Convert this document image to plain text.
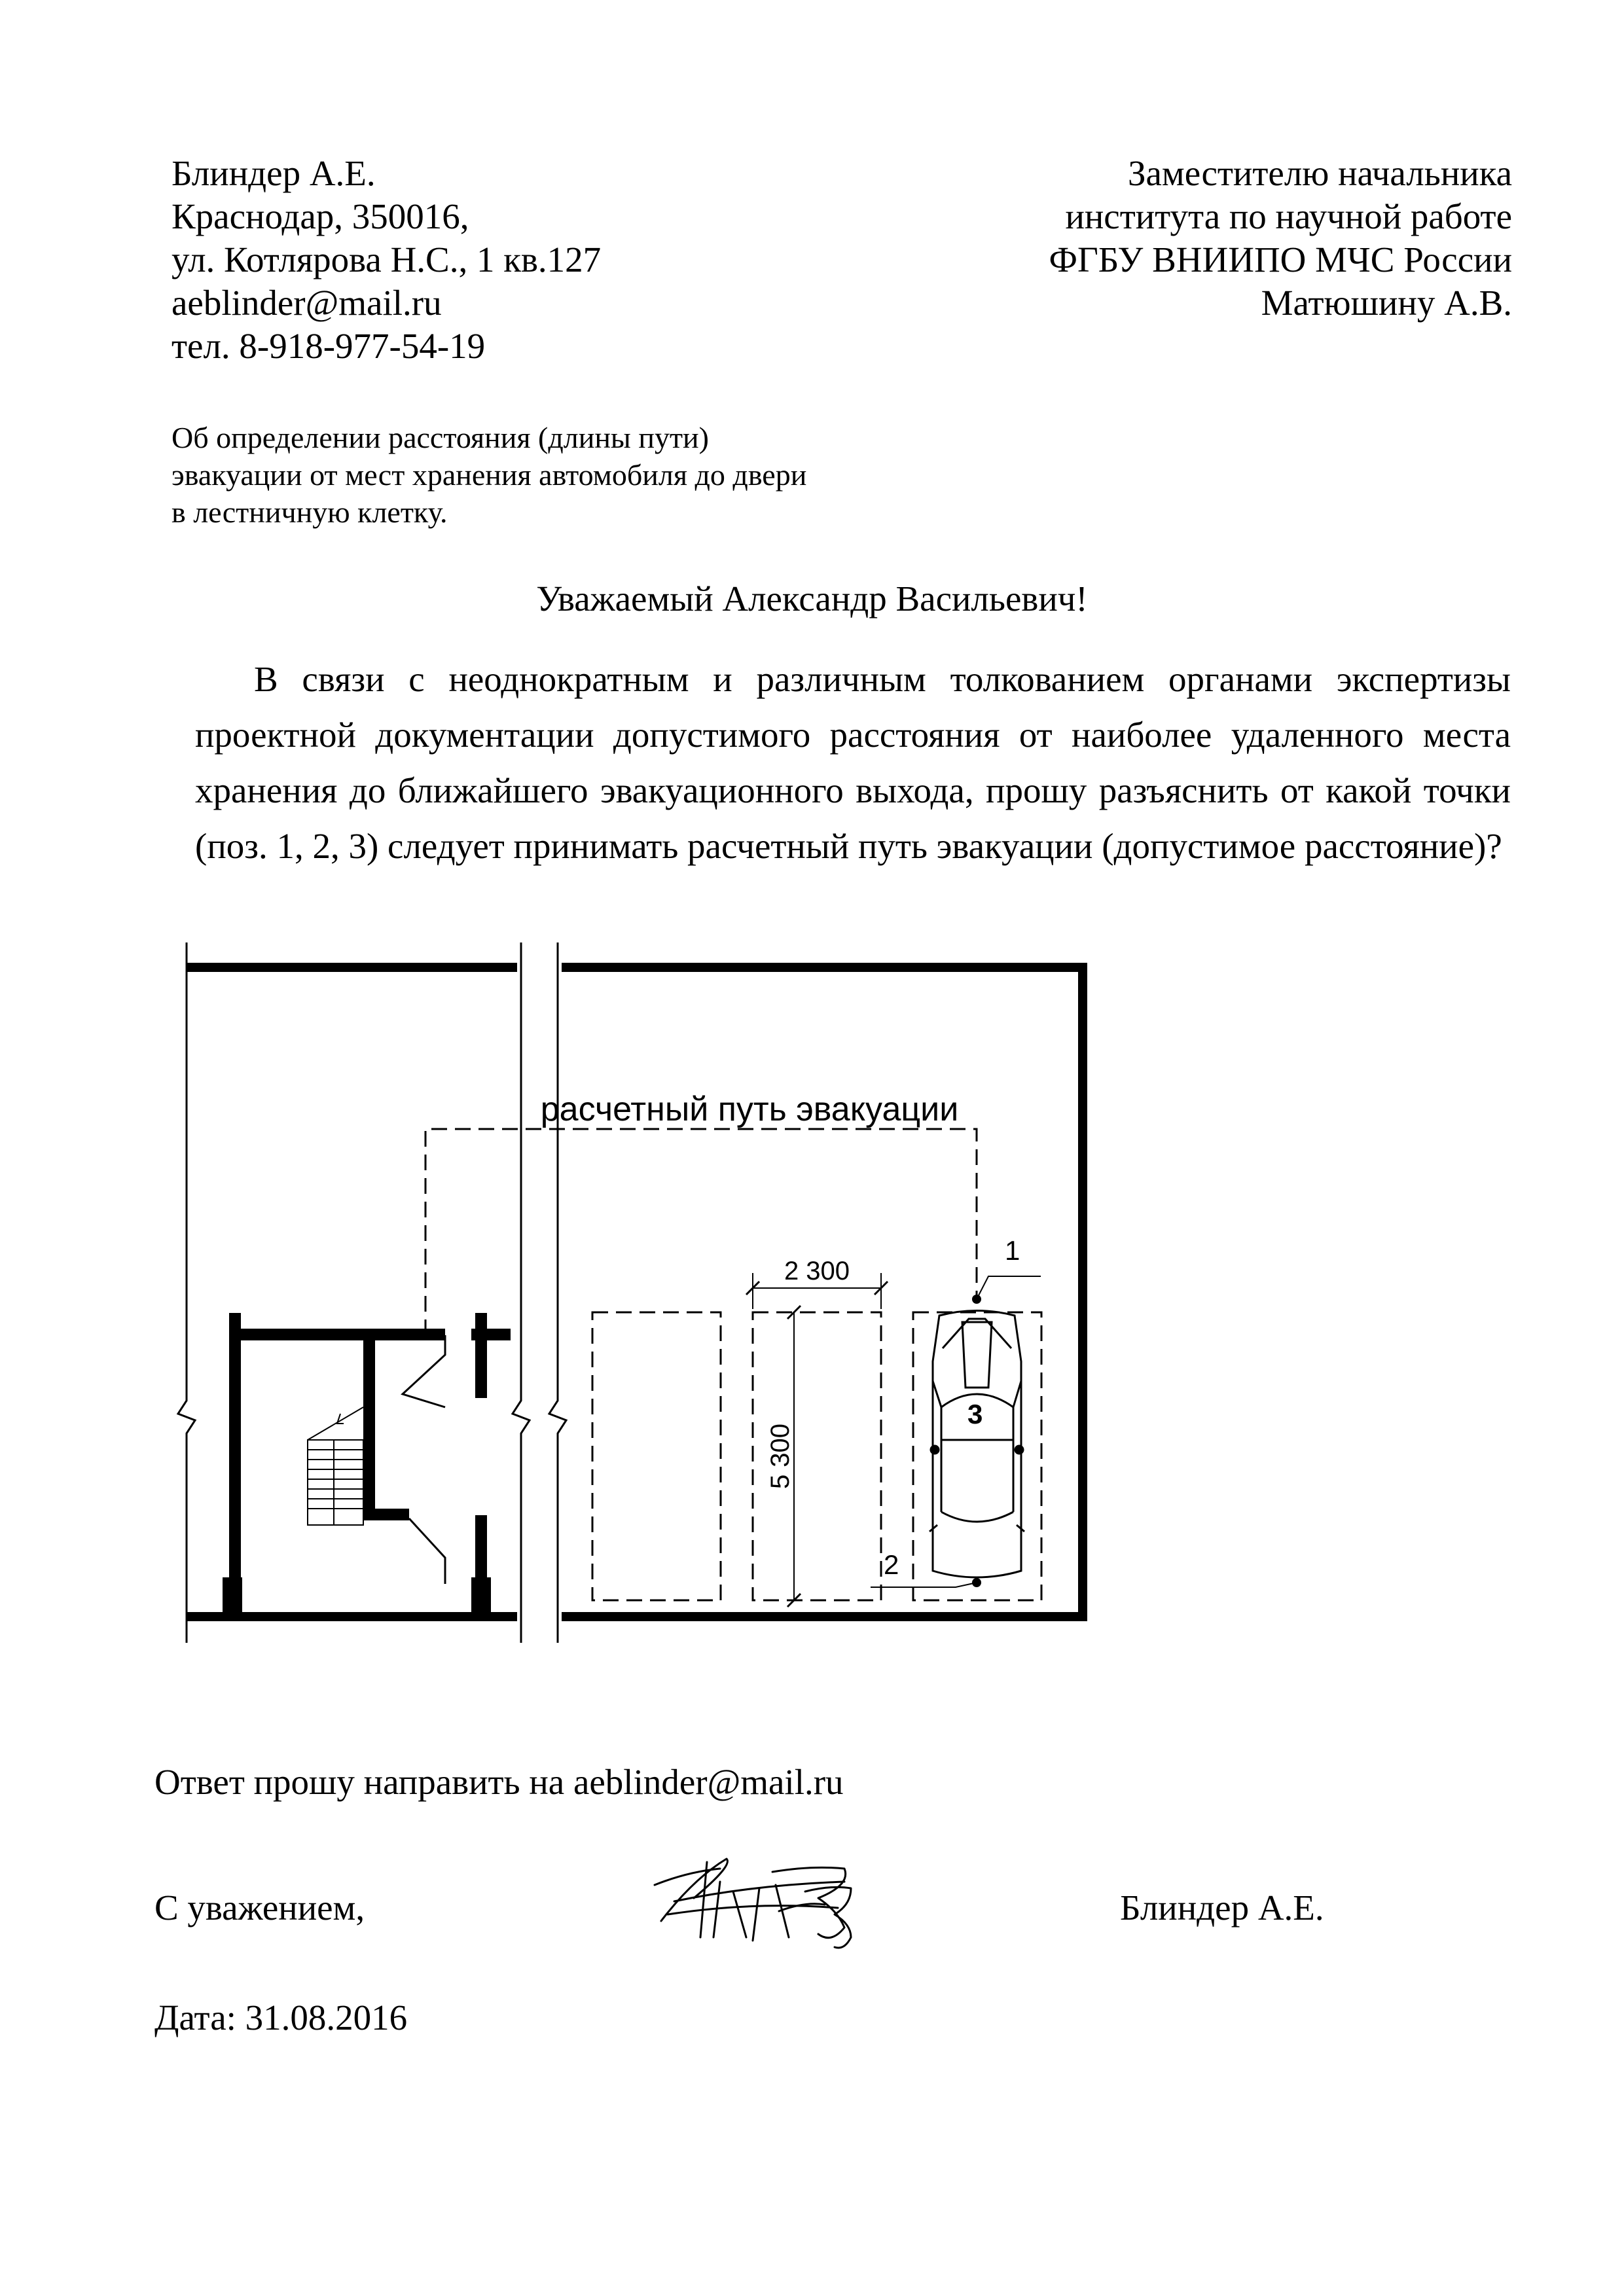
Блиндер А.Е.
Краснодар, 350016,
ул. Котлярова Н.С., 1 кв.127
aeblinder@mail.ru
тел. 8-918-977-54-19
Заместителю начальника
института по научной работе
ФГБУ ВНИИПО МЧС России
Матюшину А.В.
Об определении расстояния (длины пути)
эвакуации от мест хранения автомобиля до двери
в лестничную клетку.
Уважаемый Александр Васильевич!

В связи с неоднократным и различным толкованием органами экспертизы проектной документации допустимого расстояния от наиболее удаленного места хранения до ближайшего эвакуационного выхода, прошу разъяснить от какой точки (поз. 1, 2, 3) следует принимать расчетный путь эвакуации (допустимое расстояние)?

расчетный путь эвакуации
2 300
5 300
1
2
3
Ответ прошу направить на aeblinder@mail.ru
С уважением,	Блиндер А.Е.
Дата: 31.08.2016
